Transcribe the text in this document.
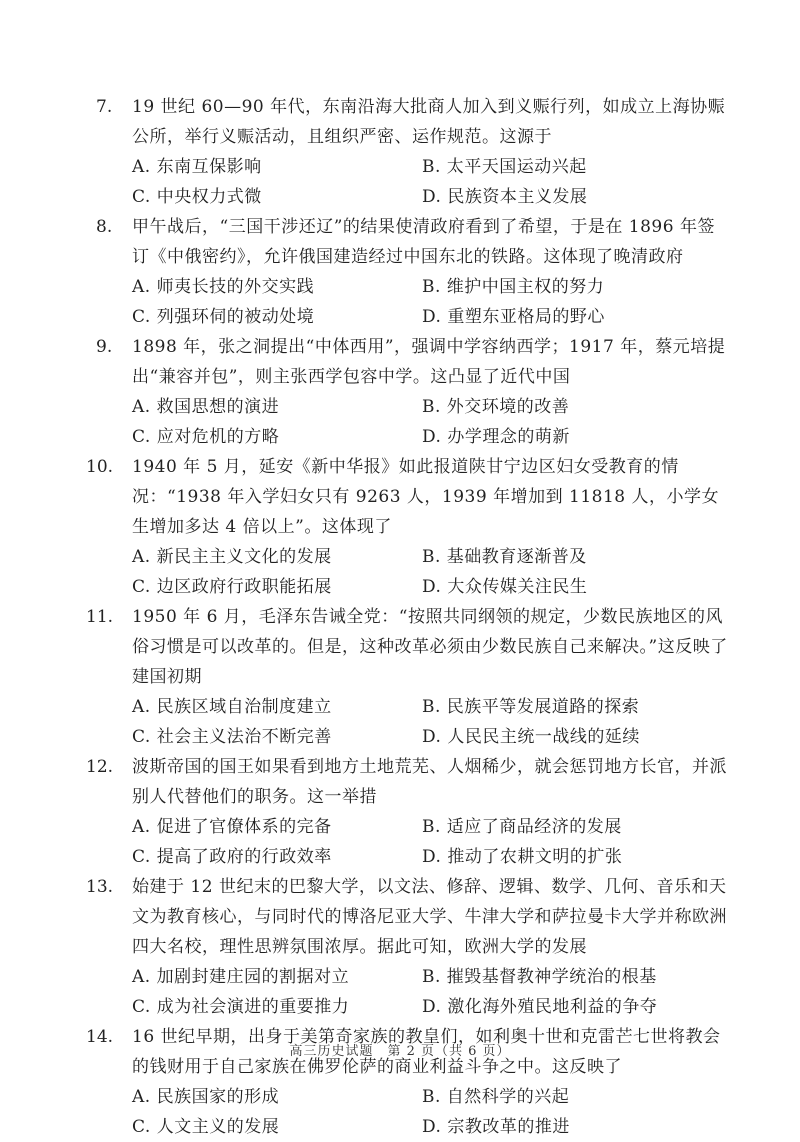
7.	19 世纪 60—90 年代，东南沿海大批商人加入到义赈行列，如成立上海协赈公所，举行义赈活动，且组织严密、运作规范。这源于
A. 东南互保影响	B. 太平天国运动兴起
C. 中央权力式微	D. 民族资本主义发展
8.	甲午战后，“三国干涉还辽”的结果使清政府看到了希望，于是在 1896 年签订《中俄密约》，允许俄国建造经过中国东北的铁路。这体现了晚清政府
A. 师夷长技的外交实践	B. 维护中国主权的努力
C. 列强环伺的被动处境	D. 重塑东亚格局的野心
9.	1898 年，张之洞提出“中体西用”，强调中学容纳西学；1917 年，蔡元培提出“兼容并包”，则主张西学包容中学。这凸显了近代中国
A. 救国思想的演进	B. 外交环境的改善
C. 应对危机的方略	D. 办学理念的萌新
10.	1940 年 5 月，延安《新中华报》如此报道陕甘宁边区妇女受教育的情况：“1938 年入学妇女只有 9263 人，1939 年增加到 11818 人，小学女生增加多达 4 倍以上”。这体现了
A. 新民主主义文化的发展	B. 基础教育逐渐普及
C. 边区政府行政职能拓展	D. 大众传媒关注民生
11.	1950 年 6 月，毛泽东告诫全党：“按照共同纲领的规定，少数民族地区的风俗习惯是可以改革的。但是，这种改革必须由少数民族自己来解决。”这反映了建国初期
A. 民族区域自治制度建立	B. 民族平等发展道路的探索
C. 社会主义法治不断完善	D. 人民民主统一战线的延续
12.	波斯帝国的国王如果看到地方土地荒芜、人烟稀少，就会惩罚地方长官，并派别人代替他们的职务。这一举措
A. 促进了官僚体系的完备	B. 适应了商品经济的发展
C. 提高了政府的行政效率	D. 推动了农耕文明的扩张
13.	始建于 12 世纪末的巴黎大学，以文法、修辞、逻辑、数学、几何、音乐和天文为教育核心，与同时代的博洛尼亚大学、牛津大学和萨拉曼卡大学并称欧洲四大名校，理性思辨氛围浓厚。据此可知，欧洲大学的发展
A. 加剧封建庄园的割据对立	B. 摧毁基督教神学统治的根基
C. 成为社会演进的重要推力	D. 激化海外殖民地利益的争夺
14.	16 世纪早期，出身于美第奇家族的教皇们，如利奥十世和克雷芒七世将教会的钱财用于自己家族在佛罗伦萨的商业利益斗争之中。这反映了
A. 民族国家的形成	B. 自然科学的兴起
C. 人文主义的发展	D. 宗教改革的推进
高三历史试题　第 2 页（共 6 页）
